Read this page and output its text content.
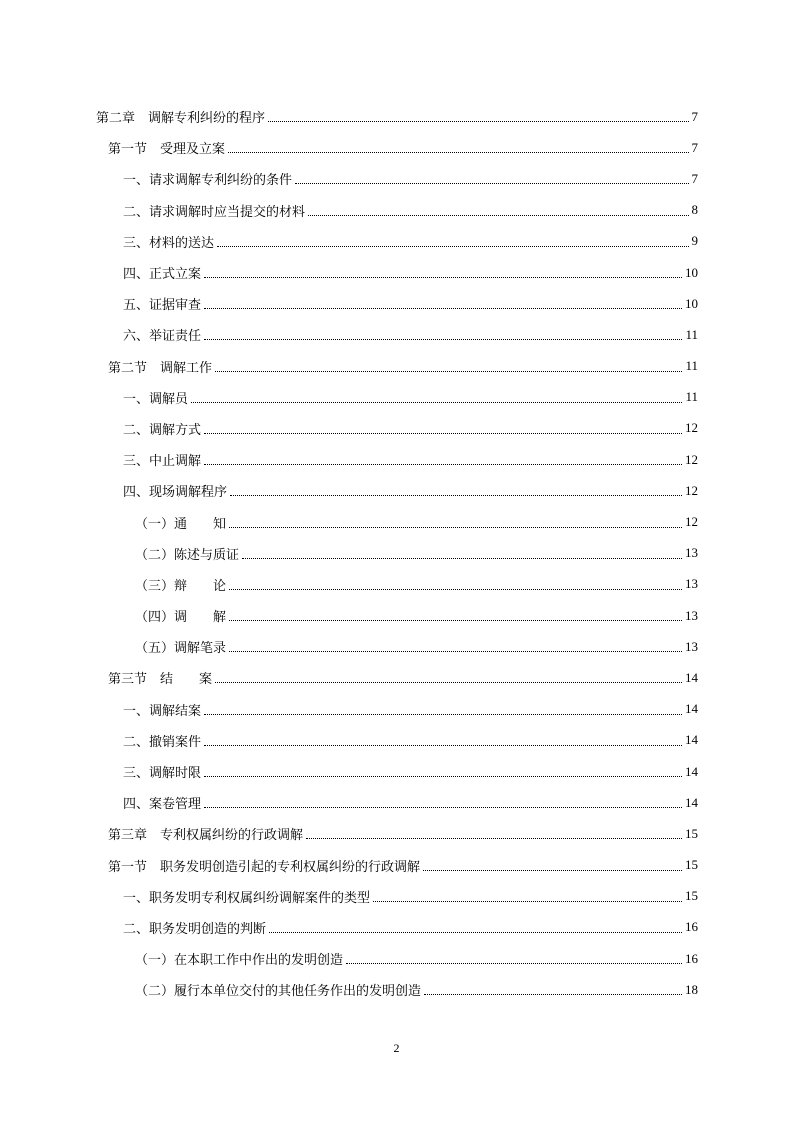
第二章　调解专利纠纷的程序	7
第一节　受理及立案	7
一、请求调解专利纠纷的条件	7
二、请求调解时应当提交的材料	8
三、材料的送达	9
四、正式立案	10
五、证据审查	10
六、举证责任	11
第二节　调解工作	11
一、调解员	11
二、调解方式	12
三、中止调解	12
四、现场调解程序	12
（一）通　　知	12
（二）陈述与质证	13
（三）辩　　论	13
（四）调　　解	13
（五）调解笔录	13
第三节　结　　案	14
一、调解结案	14
二、撤销案件	14
三、调解时限	14
四、案卷管理	14
第三章　专利权属纠纷的行政调解	15
第一节　职务发明创造引起的专利权属纠纷的行政调解	15
一、职务发明专利权属纠纷调解案件的类型	15
二、职务发明创造的判断	16
（一）在本职工作中作出的发明创造	16
（二）履行本单位交付的其他任务作出的发明创造	18
2
